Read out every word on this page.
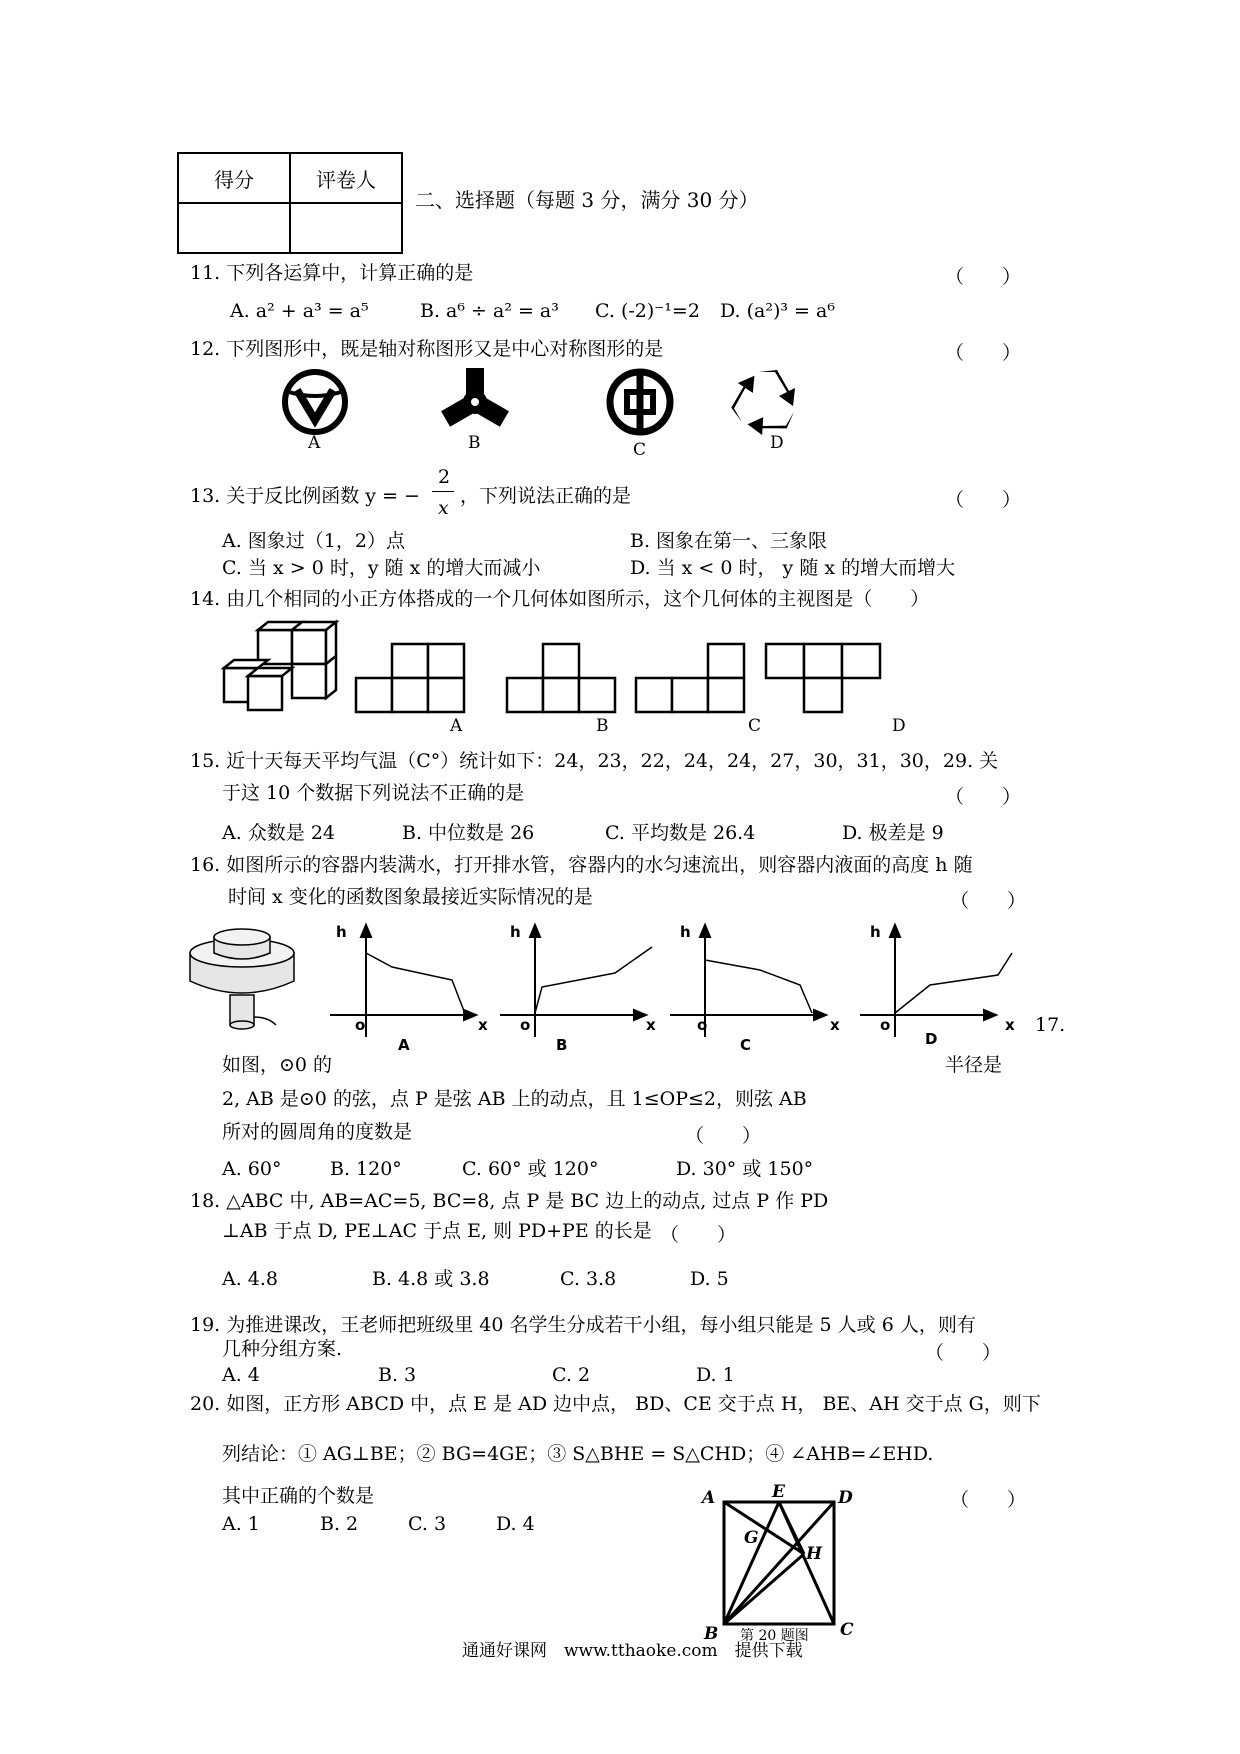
得分	评卷人

二、选择题（每题 3 分，满分 30 分）
11. 下列各运算中，计算正确的是	（　　）
A. a² + a³ = a⁵	B. a⁶ ÷ a² = a³ C. (-2)⁻¹=2 D. (a²)³ = a⁶
12. 下列图形中，既是轴对称图形又是中心对称图形的是	（　　）
A	B	C	D
13. 关于反比例函数 y = −
2
x
，下列说法正确的是	（　　）
A. 图象过（1，2）点	B. 图象在第一、三象限
C. 当 x > 0 时，y 随 x 的增大而减小	D. 当 x < 0 时， y 随 x 的增大而增大
14. 由几个相同的小正方体搭成的一个几何体如图所示，这个几何体的主视图是（　　）
A	B	C	D
15. 近十天每天平均气温（C°）统计如下：24，23，22，24，24，27，30，31，30，29. 关
于这 10 个数据下列说法不正确的是	（　　）
A. 众数是 24	B. 中位数是 26	C. 平均数是 26.4	D. 极差是 9
16. 如图所示的容器内装满水，打开排水管，容器内的水匀速流出，则容器内液面的高度 h 随
时间 x 变化的函数图象最接近实际情况的是	（　　）
h
o	x
A
h
o	x
B
h
o	x
C
h
o	x
D
17.
如图，⊙0 的	半径是
2, AB 是⊙0 的弦，点 P 是弦 AB 上的动点，且 1≤OP≤2，则弦 AB
所对的圆周角的度数是	（　　）
A. 60°	B. 120°	C. 60° 或 120°	D. 30° 或 150°
18. △ABC 中, AB=AC=5, BC=8, 点 P 是 BC 边上的动点, 过点 P 作 PD
⊥AB 于点 D, PE⊥AC 于点 E, 则 PD+PE 的长是 （　　）
A. 4.8	B. 4.8 或 3.8	C. 3.8	D. 5
19. 为推进课改，王老师把班级里 40 名学生分成若干小组，每小组只能是 5 人或 6 人，则有
几种分组方案.	（　　）
A. 4	B. 3	C. 2	D. 1
20. 如图，正方形 ABCD 中，点 E 是 AD 边中点， BD、CE 交于点 H， BE、AH 交于点 G，则下
列结论：① AG⊥BE；② BG=4GE；③ S△BHE = S△CHD；④ ∠AHB=∠EHD.
其中正确的个数是	（　　）
A. 1	B. 2	C. 3	D. 4
A	E	D
G
H
B	C
第 20 题图
通通好课网　www.tthaoke.com　提供下载
